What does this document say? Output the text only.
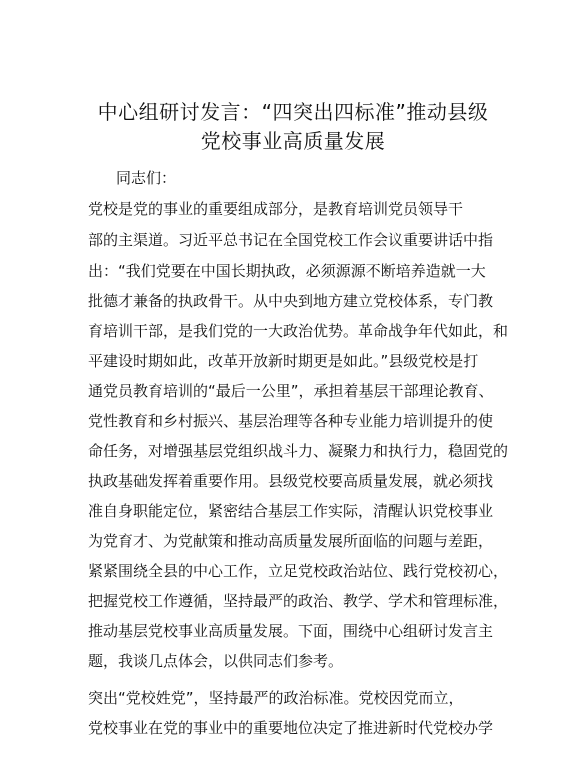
中心组研讨发言：“四突出四标准”推动县级
党校事业高质量发展
同志们：
党校是党的事业的重要组成部分，是教育培训党员领导干
部的主渠道。习近平总书记在全国党校工作会议重要讲话中指
出：“我们党要在中国长期执政，必须源源不断培养造就一大
批德才兼备的执政骨干。从中央到地方建立党校体系，专门教
育培训干部，是我们党的一大政治优势。革命战争年代如此，和
平建设时期如此，改革开放新时期更是如此。”县级党校是打
通党员教育培训的“最后一公里”，承担着基层干部理论教育、
党性教育和乡村振兴、基层治理等各种专业能力培训提升的使
命任务，对增强基层党组织战斗力、凝聚力和执行力，稳固党的
执政基础发挥着重要作用。县级党校要高质量发展，就必须找
准自身职能定位，紧密结合基层工作实际，清醒认识党校事业
为党育才、为党献策和推动高质量发展所面临的问题与差距，
紧紧围绕全县的中心工作，立足党校政治站位、践行党校初心，
把握党校工作遵循，坚持最严的政治、教学、学术和管理标准，
推动基层党校事业高质量发展。下面，围绕中心组研讨发言主
题，我谈几点体会，以供同志们参考。
突出“党校姓党”，坚持最严的政治标准。党校因党而立，
党校事业在党的事业中的重要地位决定了推进新时代党校办学
